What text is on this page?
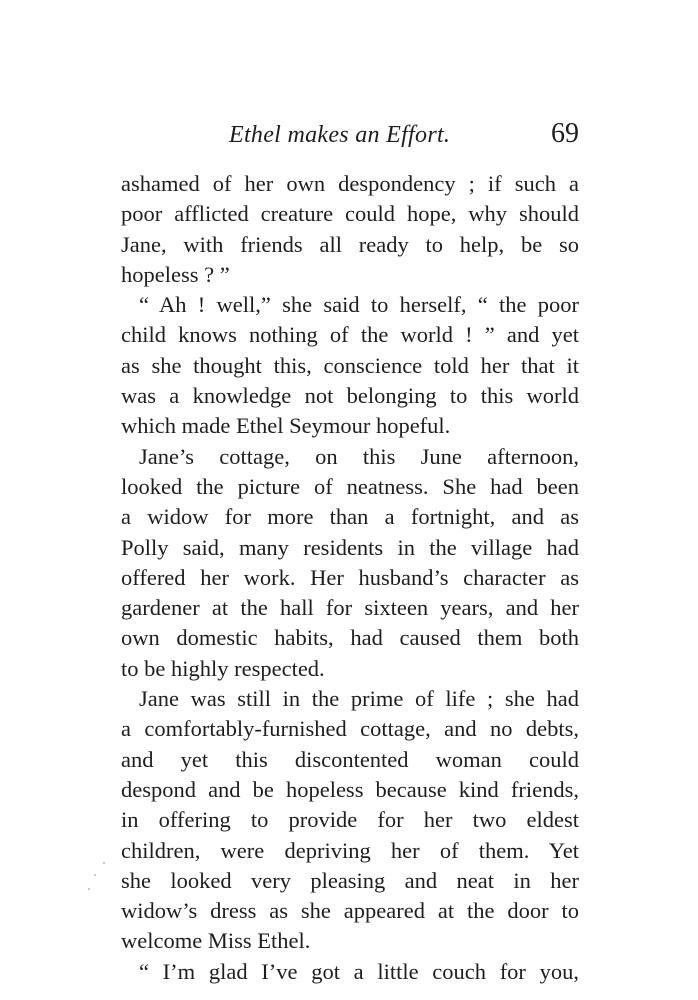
Ethel makes an Effort.	69
ashamed of her own despondency ; if such a
poor afflicted creature could hope, why should
Jane, with friends all ready to help, be so
hopeless ? ”
“ Ah ! well,” she said to herself, “ the poor
child knows nothing of the world ! ” and yet
as she thought this, conscience told her that it
was a knowledge not belonging to this world
which made Ethel Seymour hopeful.
Jane’s cottage, on this June afternoon,
looked the picture of neatness. She had been
a widow for more than a fortnight, and as
Polly said, many residents in the village had
offered her work. Her husband’s character as
gardener at the hall for sixteen years, and her
own domestic habits, had caused them both
to be highly respected.
Jane was still in the prime of life ; she had
a comfortably-furnished cottage, and no debts,
and yet this discontented woman could
despond and be hopeless because kind friends,
in offering to provide for her two eldest
children, were depriving her of them. Yet
she looked very pleasing and neat in her
widow’s dress as she appeared at the door to
welcome Miss Ethel.
“ I’m glad I’ve got a little couch for you,
